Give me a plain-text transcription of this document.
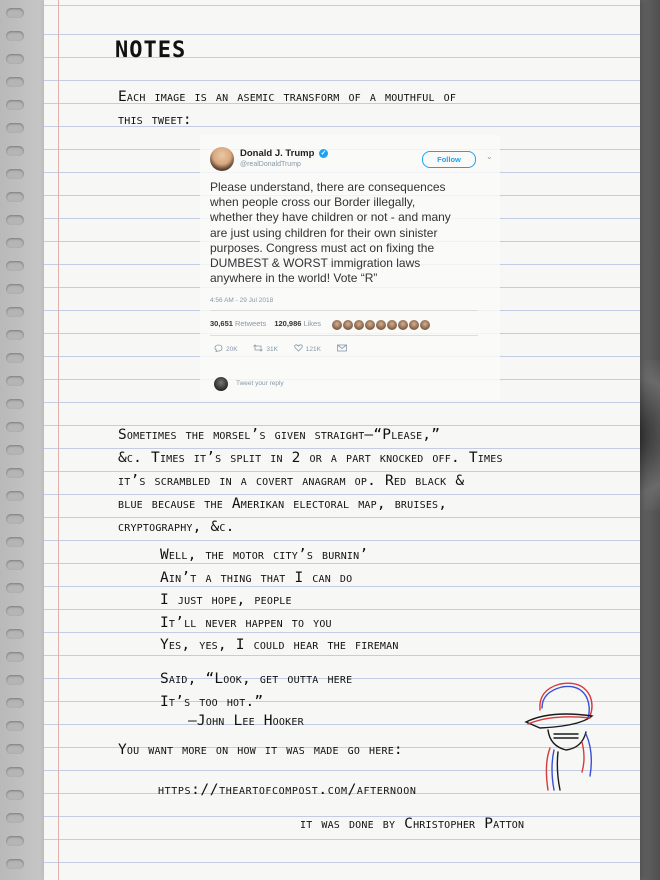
NOTES
Each image is an asemic transform of a mouthful of
this tweet:
Donald J. Trump ✓
@realDonaldTrump
Follow	⌄
Please understand, there are consequences
when people cross our Border illegally,
whether they have children or not - and many
are just using children for their own sinister
purposes. Congress must act on fixing the
DUMBEST & WORST immigration laws
anywhere in the world! Vote “R”
4:56 AM - 29 Jul 2018
30,651 Retweets 120,986 Likes
20K	31K	121K
Tweet your reply
Sometimes the morsel’s given straight—“Please,”
&c. Times it’s split in 2 or a part knocked off. Times
it’s scrambled in a covert anagram op. Red black &
blue because the Amerikan electoral map, bruises,
cryptography, &c.
Well, the motor city’s burnin’
Ain’t a thing that I can do
I just hope, people
It’ll never happen to you
Yes, yes, I could hear the fireman
Said, “Look, get outta here
It’s too hot.”
—John Lee Hooker
You want more on how it was made go here:
https://theartofcompost.com/afternoon
it was done by Christopher Patton
